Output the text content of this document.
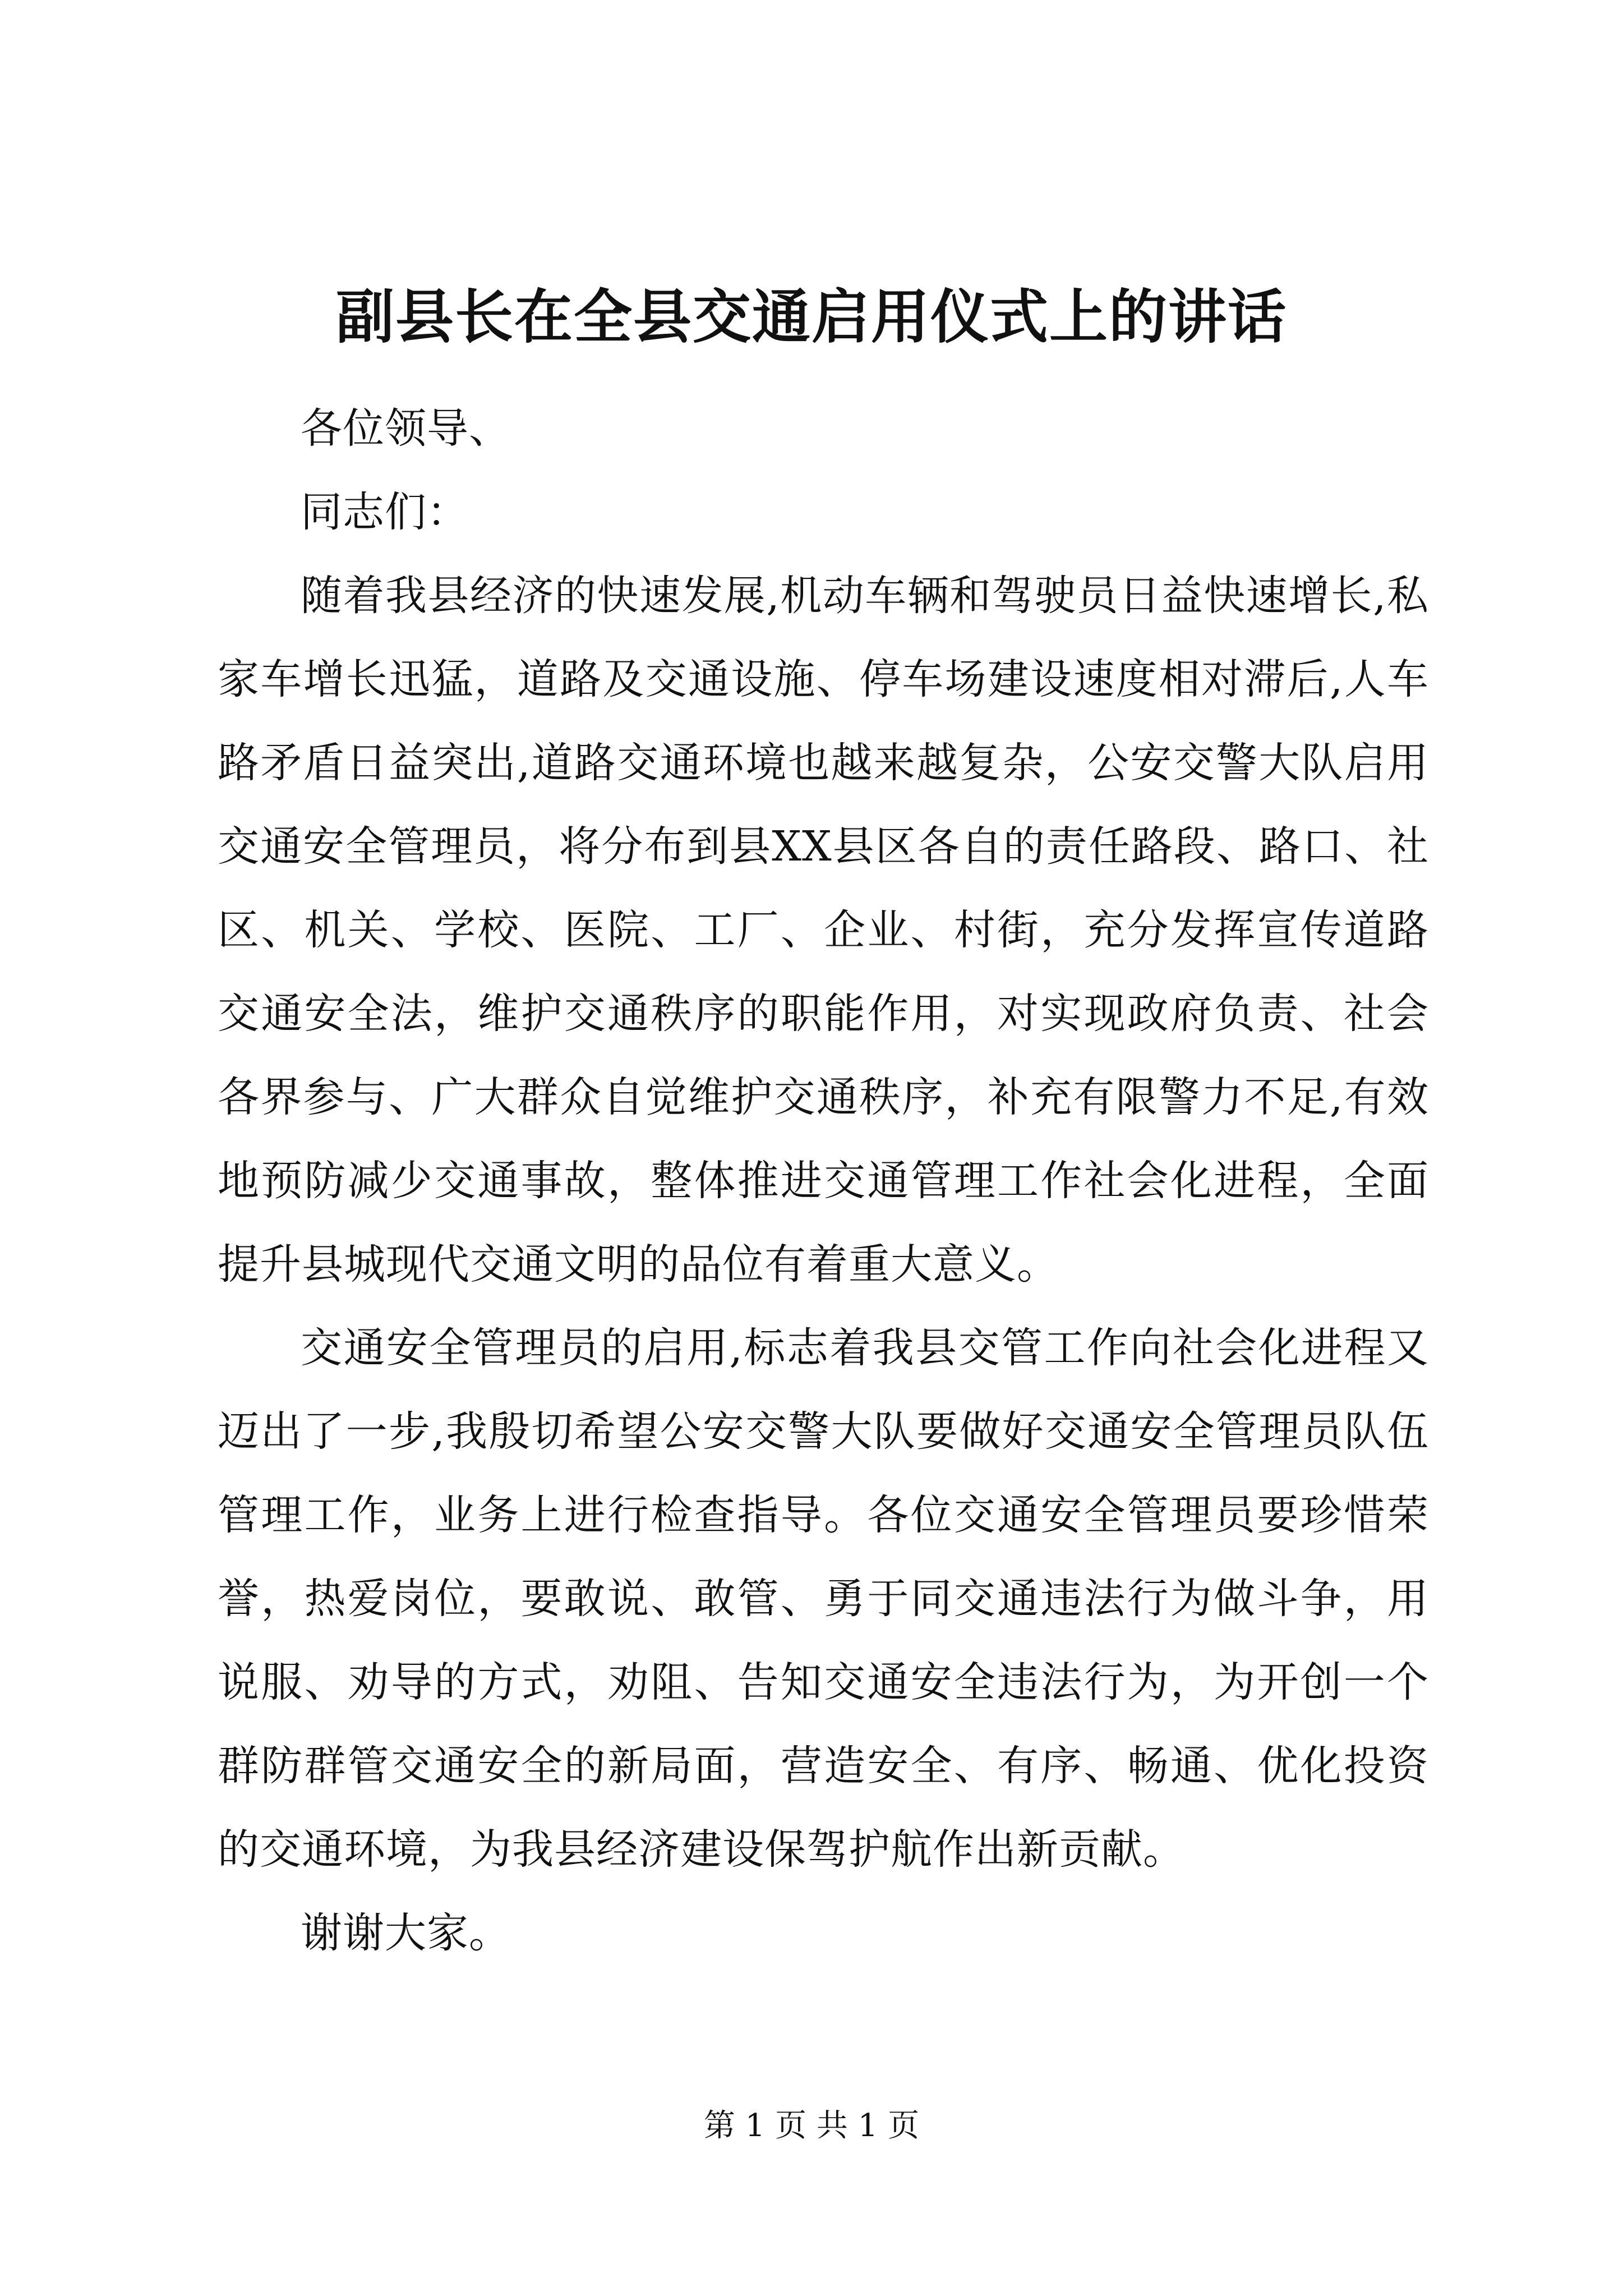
副县长在全县交通启用仪式上的讲话

各位领导、

同志们：

随着我县经济的快速发展,机动车辆和驾驶员日益快速增长,私家车增长迅猛，道路及交通设施、停车场建设速度相对滞后,人车路矛盾日益突出,道路交通环境也越来越复杂，公安交警大队启用交通安全管理员，将分布到县XX县区各自的责任路段、路口、社区、机关、学校、医院、工厂、企业、村街，充分发挥宣传道路交通安全法，维护交通秩序的职能作用，对实现政府负责、社会各界参与、广大群众自觉维护交通秩序，补充有限警力不足,有效地预防减少交通事故，整体推进交通管理工作社会化进程，全面提升县城现代交通文明的品位有着重大意义。

交通安全管理员的启用,标志着我县交管工作向社会化进程又迈出了一步,我殷切希望公安交警大队要做好交通安全管理员队伍管理工作，业务上进行检查指导。各位交通安全管理员要珍惜荣誉，热爱岗位，要敢说、敢管、勇于同交通违法行为做斗争，用说服、劝导的方式，劝阻、告知交通安全违法行为，为开创一个群防群管交通安全的新局面，营造安全、有序、畅通、优化投资的交通环境，为我县经济建设保驾护航作出新贡献。

谢谢大家。

第 1 页 共 1 页
